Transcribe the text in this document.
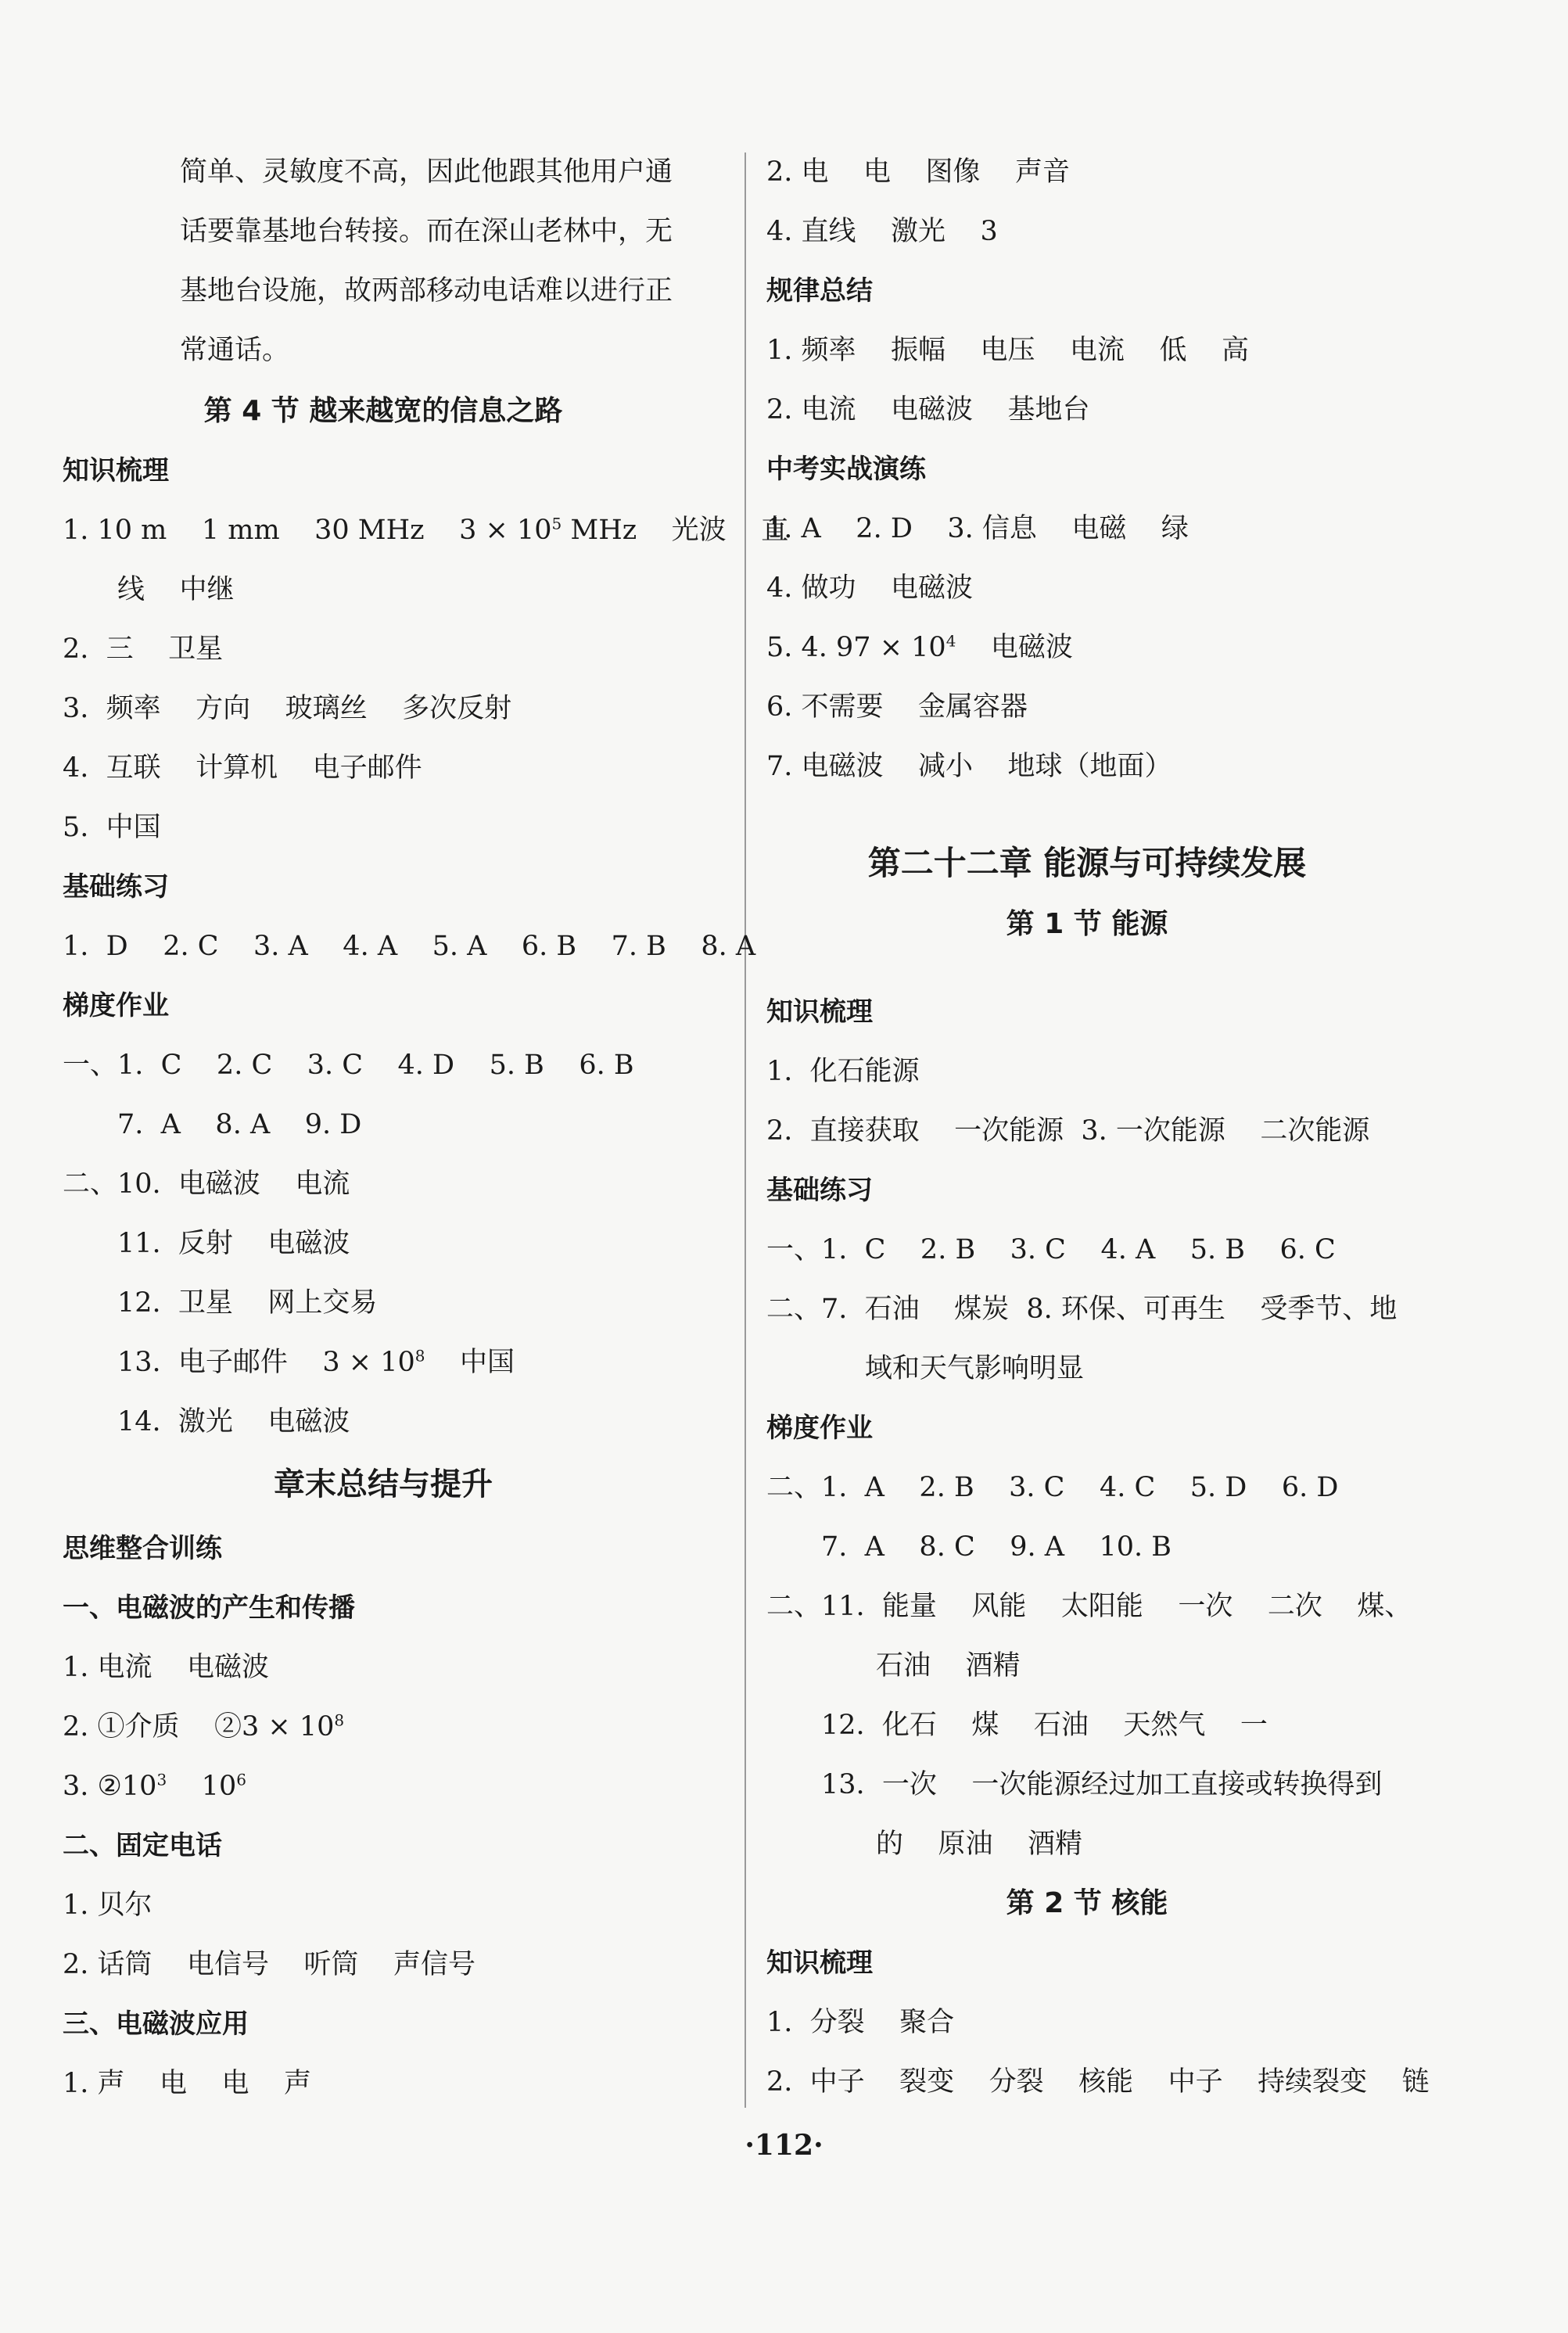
简单、灵敏度不高，因此他跟其他用户通
话要靠基地台转接。而在深山老林中，无
基地台设施，故两部移动电话难以进行正
常通话。
第 4 节 越来越宽的信息之路
知识梳理
1. 10 m    1 mm    30 MHz    $3 \times 10^5$ MHz    光波    直
线    中继
2.  三    卫星
3.  频率    方向    玻璃丝    多次反射
4.  互联    计算机    电子邮件
5.  中国
基础练习
1.  D    2. C    3. A    4. A    5. A    6. B    7. B    8. A
梯度作业
一、1.  C    2. C    3. C    4. D    5. B    6. B
7.  A    8. A    9. D
二、10.  电磁波    电流
11.  反射    电磁波
12.  卫星    网上交易
13.  电子邮件    $3 \times 10^8$    中国
14.  激光    电磁波
章末总结与提升
思维整合训练
一、电磁波的产生和传播
1. 电流    电磁波
2. ①介质    ②3 × $10^8$
3. $②10^3$    $10^6$
二、固定电话
1. 贝尔
2. 话筒    电信号    听筒    声信号
三、电磁波应用
1. 声    电    电    声
2. 电    电    图像    声音
4. 直线    激光    3
规律总结
1. 频率    振幅    电压    电流    低    高
2. 电流    电磁波    基地台
中考实战演练
1. A    2. D    3. 信息    电磁    绿
4. 做功    电磁波
5. 4. $97 \times 10^4$    电磁波
6. 不需要    金属容器
7. 电磁波    减小    地球（地面）
第二十二章 能源与可持续发展
第 1 节 能源
知识梳理
1.  化石能源
2.  直接获取    一次能源  3. 一次能源    二次能源
基础练习
一、1.  C    2. B    3. C    4. A    5. B    6. C
二、7.  石油    煤炭  8. 环保、可再生    受季节、地
域和天气影响明显
梯度作业
二、1.  A    2. B    3. C    4. C    5. D    6. D
7.  A    8. C    9. A    10. B
二、11.  能量    风能    太阳能    一次    二次    煤、
石油    酒精
12.  化石    煤    石油    天然气    一
13.  一次    一次能源经过加工直接或转换得到
的    原油    酒精
第 2 节 核能
知识梳理
1.  分裂    聚合
2.  中子    裂变    分裂    核能    中子    持续裂变    链
·112·
